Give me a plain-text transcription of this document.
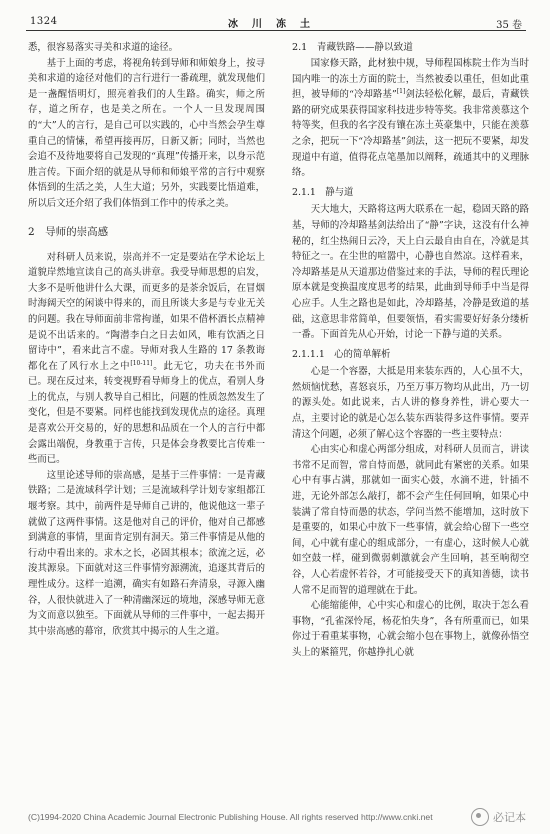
1324	冰川冻土	35 卷

悉，很容易落实寻美和求道的途径。

基于上面的考虑，将视角转到导师和师娘身上，按寻美和求道的途径对他们的言行进行一番疏理，就发现他们是一盏醒悟明灯，照亮着我们的人生路。确实，师之所存，道之所存，也是美之所在。一个人一旦发现周围的“大”人的言行，是自己可以实践的，心中当然会孕生尊重自己的情愫，希望再接再厉，日新又新；同时，当然也会追不及待地要将自己发现的“真理”传播开来，以身示范胜言传。下面介绍的就是从导师和师娘平常的言行中观察体悟到的生活之美，人生大道；另外，实践要比悟道难，所以后文还介绍了我们体悟到工作中的传承之美。

2　导师的崇高感

对科研人员来说，崇高并不一定是要站在学术论坛上道貌岸然地宣读自己的高头讲章。我受导师思想的启发，大多不是听他讲什么大课，而更多的是茶余饭后，在冒烟时海阔天空的闲谈中得来的，而且所谈大多是与专业无关的问题。我在导师面前非常拘谨，如果不借杯酒长点精神是说不出话来的。“陶潜李白之日去如风，唯有饮酒之日留诗中”，看来此言不虚。导师对我人生路的 17 条教诲都化在了风行水上之中[10-11]。此无它，功夫在书外而已。现在反过来，转变视野看导师身上的优点，看别人身上的优点，与别人教导自己相比，问题的性质忽然发生了变化，但是不要紧。同样也能找到发现优点的途径。真理是喜欢公开交易的，好的思想和品质在一个人的言行中都会露出端倪，身教重于言传，只是体会身教要比言传难一些而已。

这里论述导师的崇高感，是基于三件事情：一是青藏铁路；二是流域科学计划；三是流域科学计划专家组都江堰考察。其中，前两件是导师自己讲的，他说他这一辈子就做了这两件事情。这是他对自己的评价，他对自己都感到满意的事情，里面肯定别有洞天。第三件事情是从他的行动中看出来的。求木之长，必固其根本；欲流之远，必浚其源泉。下面就对这三件事情穷源溯流，追逐其背后的理性成分。这样一追溯，确实有如路石奔清泉，寻源入幽谷，人很快就进入了一种清幽深远的境地，深感导师无意为文而意以独至。下面就从导师的三件事中，一起去揭开其中崇高感的幕帘，欣赏其中揭示的人生之道。

2.1　青藏铁路——静以致道

国家修天路，此材独中规，导师程国栋院士作为当时国内唯一的冻土方面的院士，当然被委以重任，但如此重担，被导师的“冷却路基”[1]剑法轻松化解，最后，青藏铁路的研究成果获得国家科技进步特等奖。我非常羡慕这个特等奖，但我的名字没有镶在冻土英豪集中，只能在羡慕之余，把玩一下“冷却路基”剑法，这一把玩不要紧，却发现道中有道，值得花点笔墨加以阐释，疏通其中的义理脉络。

2.1.1　静与道

天大地大，天路将这两大联系在一起，稳固天路的路基，导师的冷却路基剑法给出了“静”字诀，这没有什么神秘的，红尘热闹日云冷，天上白云最自由自在，冷就是其特征之一。在尘世的喧嚣中，心静也自然凉。这样看来，冷却路基是从天道那边借鉴过来的手法，导师的程氏理论原本就是变换温度度思考的结果，此曲到导师手中当是得心应手。人生之路也是如此，冷却路基，冷静是致道的基础，这意思非常简单，但要领悟，看实需要好好条分缕析一番。下面首先从心开始，讨论一下静与道的关系。

2.1.1.1　心的简单解析

心是一个容器，大抵是用来装东西的，人心虽不大，然烦恼忧愁，喜怒哀乐，乃至万事万物均从此出，乃一切的源头处。如此说来，古人讲的修身养性，讲心要大一点，主要讨论的就是心怎么装东西装得多这件事情。要弄清这个问题，必须了解心这个容器的一些主要特点：

心由实心和虚心两部分组成，对科研人员而言，讲读书常不足而智，常自恃而愚，就同此有紧密的关系。如果心中有事占满，那就如一面实心鼓，水滴不进，针插不进，无论外部怎么敲打，都不会产生任何回响，如果心中装满了常自恃而愚的状态，学问当然不能增加，这时放下是重要的，如果心中放下一些事情，就会给心留下一些空间，心中就有虚心的组成部分，一有虚心，这时候人心就如空鼓一样，碰到微弱刺激就会产生回响，甚至响彻空谷，人心若虚怀若谷，才可能接受天下的真知善德，读书人常不足而智的道理就在于此。

心能缩能伸，心中实心和虚心的比例，取决于怎么看事物，“孔雀深怜尾，杨花怕失身”，各有所重而已，如果你过于看重某事物，心就会缩小包在事物上，就像孙悟空头上的紧箍咒，你越挣扎心就

(C)1994-2020 China Academic Journal Electronic Publishing House. All rights reserved http://www.cnki.net	必记本
